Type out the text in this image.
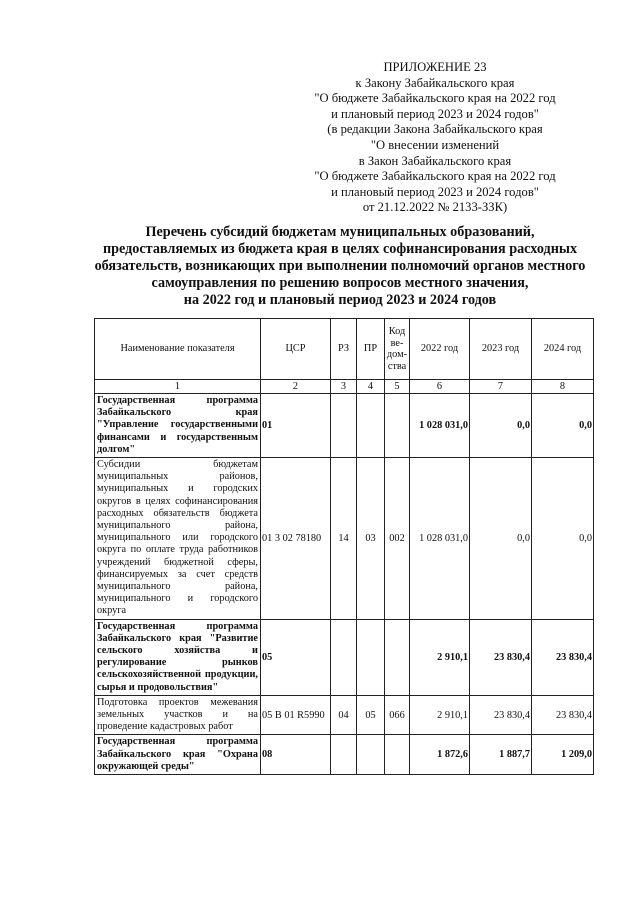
ПРИЛОЖЕНИЕ 23
к Закону Забайкальского края
"О бюджете Забайкальского края на 2022 год
и плановый период 2023 и 2024 годов"
(в редакции Закона Забайкальского края
"О внесении изменений
в Закон Забайкальского края
"О бюджете Забайкальского края на 2022 год
и плановый период 2023 и 2024 годов"
от 21.12.2022 № 2133-ЗЗК)
Перечень субсидий бюджетам муниципальных образований,
предоставляемых из бюджета края в целях софинансирования расходных
обязательств, возникающих при выполнении полномочий органов местного
самоуправления по решению вопросов местного значения,
на 2022 год и плановый период 2023 и 2024 годов
Наименование показателя	ЦСР	РЗ	ПР	Код ве-дом-ства	2022 год	2023 год	2024 год
1	2	3	4	5	6	7	8
Государственная программа Забайкальского края "Управление государственными финансами и государственным долгом"	01				1 028 031,0	0,0	0,0
Субсидии бюджетам муниципальных районов, муниципальных и городских округов в целях софинансирования расходных обязательств бюджета муниципального района, муниципального или городского округа по оплате труда работников учреждений бюджетной сферы, финансируемых за счет средств муниципального района, муниципального и городского округа	01 3 02 78180	14	03	002	1 028 031,0	0,0	0,0
Государственная программа Забайкальского края "Развитие сельского хозяйства и регулирование рынков сельскохозяйственной продукции, сырья и продовольствия"	05				2 910,1	23 830,4	23 830,4
Подготовка проектов межевания земельных участков и на проведение кадастровых работ	05 В 01 R5990	04	05	066	2 910,1	23 830,4	23 830,4
Государственная программа Забайкальского края "Охрана окружающей среды"	08				1 872,6	1 887,7	1 209,0
